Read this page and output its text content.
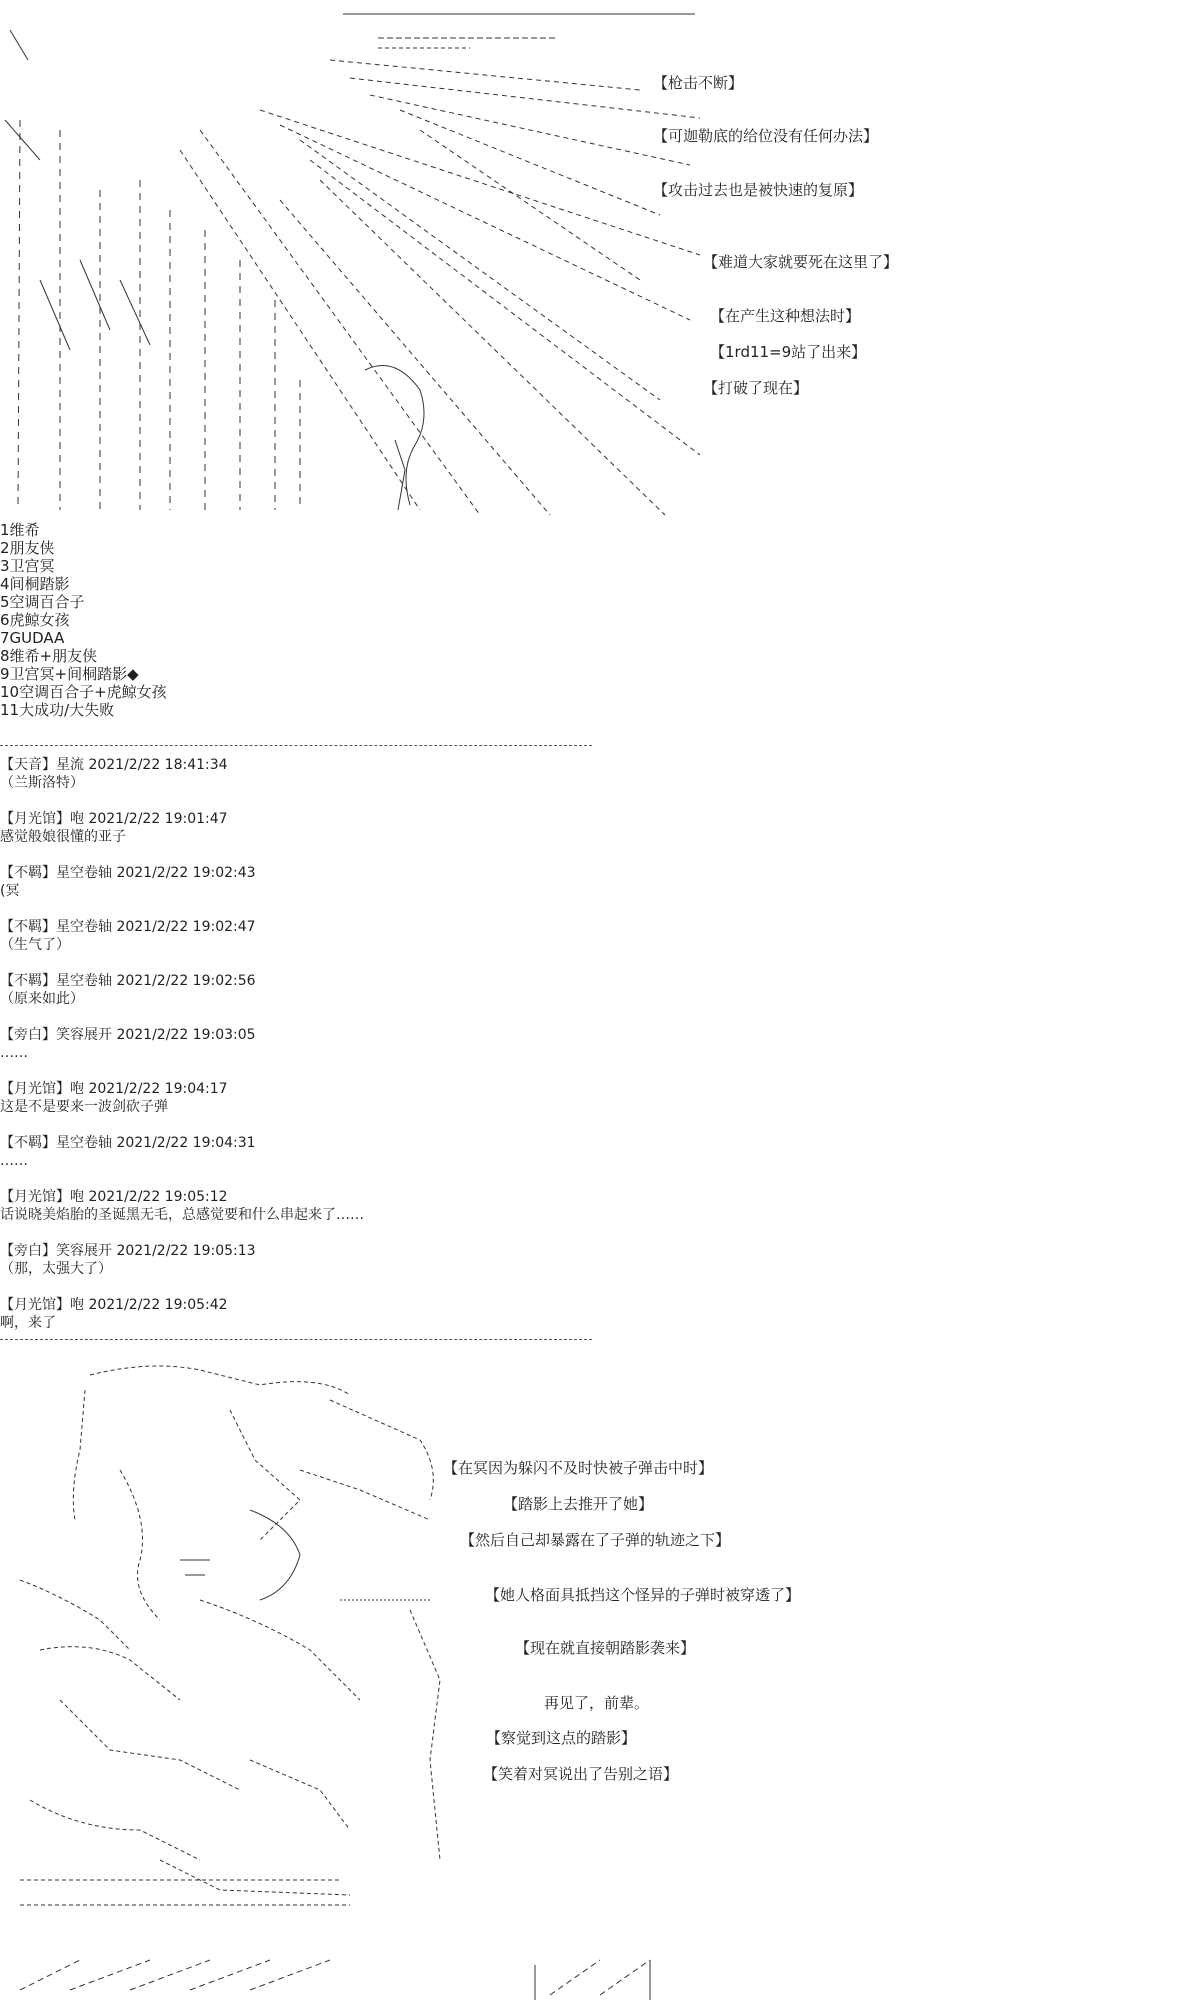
【枪击不断】
【可迦勒底的给位没有任何办法】
【攻击过去也是被快速的复原】
【难道大家就要死在这里了】
【在产生这种想法时】
【1rd11=9站了出来】
【打破了现在】
1维希
2朋友侠
3卫宫冥
4间桐踏影
5空调百合子
6虎鲸女孩
7GUDAA
8维希+朋友侠
9卫宫冥+间桐踏影◆
10空调百合子+虎鲸女孩
11大成功/大失败
【天音】星流 2021/2/22 18:41:34
（兰斯洛特）
【月光馆】咆 2021/2/22 19:01:47
感觉般娘很懂的亚子
【不羁】星空卷轴 2021/2/22 19:02:43
(冥
【不羁】星空卷轴 2021/2/22 19:02:47
（生气了）
【不羁】星空卷轴 2021/2/22 19:02:56
（原来如此）
【旁白】笑容展开 2021/2/22 19:03:05
……
【月光馆】咆 2021/2/22 19:04:17
这是不是要来一波剑砍子弹
【不羁】星空卷轴 2021/2/22 19:04:31
……
【月光馆】咆 2021/2/22 19:05:12
话说晓美焰胎的圣诞黑无毛，总感觉要和什么串起来了……
【旁白】笑容展开 2021/2/22 19:05:13
（那，太强大了）
【月光馆】咆 2021/2/22 19:05:42
啊，来了
【在冥因为躲闪不及时快被子弹击中时】
【踏影上去推开了她】
【然后自己却暴露在了子弹的轨迹之下】
【她人格面具抵挡这个怪异的子弹时被穿透了】
【现在就直接朝踏影袭来】
再见了，前辈。
【察觉到这点的踏影】
【笑着对冥说出了告别之语】
